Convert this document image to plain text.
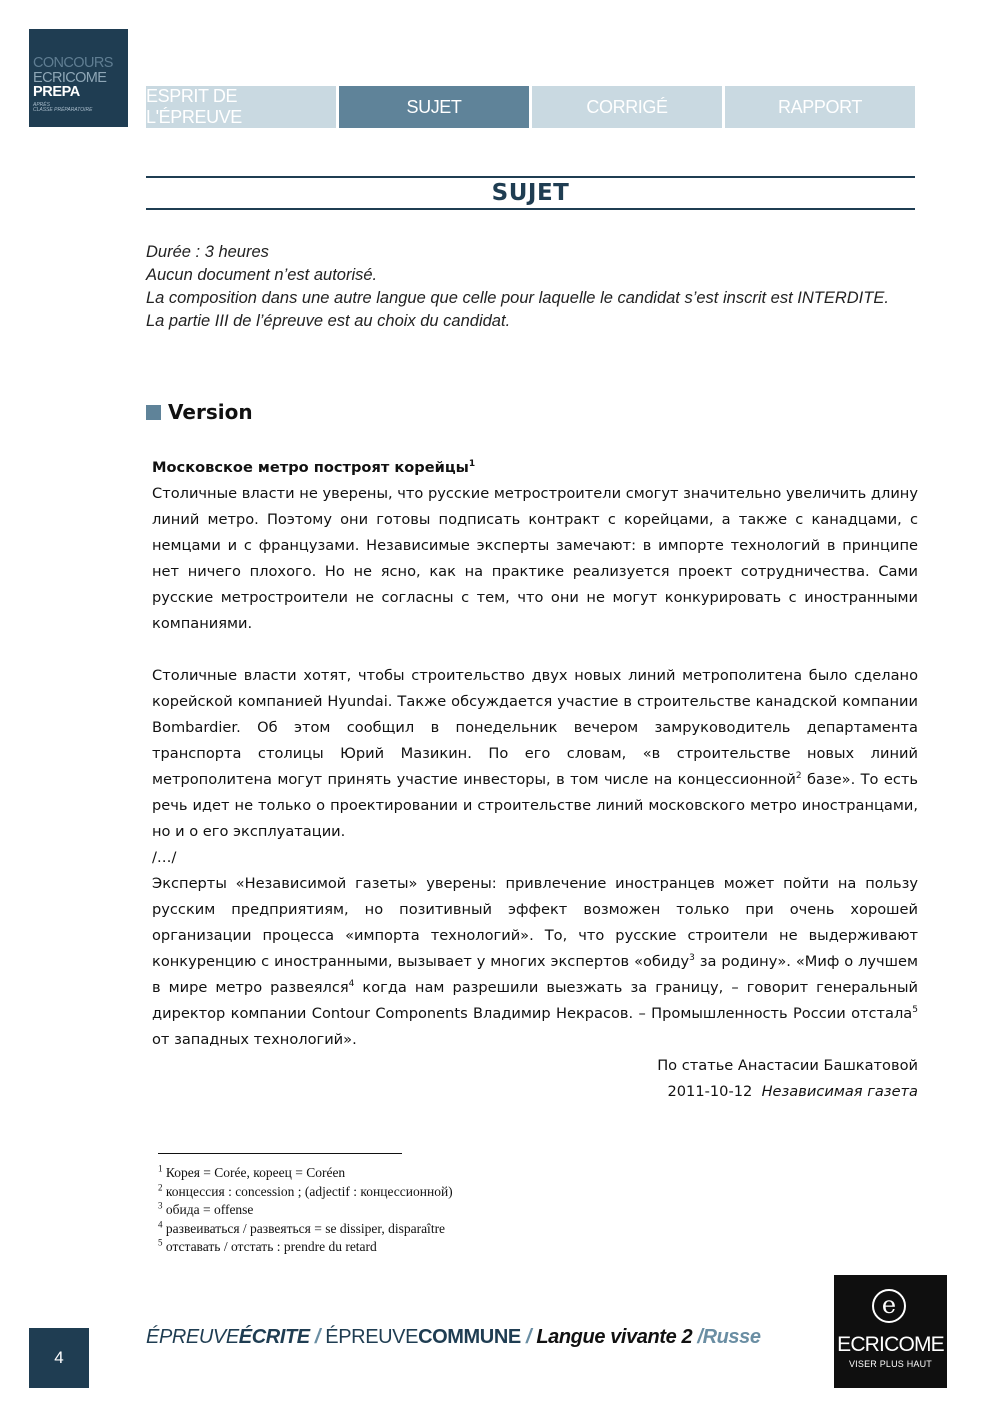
CONCOURS
ECRICOME
PREPA
APRÈS
CLASSE PRÉPARATOIRE
ESPRIT DE L'ÉPREUVE
SUJET	CORRIGÉ	RAPPORT
SUJET
Durée : 3 heures
Aucun document n’est autorisé.
La composition dans une autre langue que celle pour laquelle le candidat s’est inscrit est INTERDITE.
La partie III de l’épreuve est au choix du candidat.
Version
Московское метро построят корейцы$^1$

Столичные власти не уверены, что русские метростроители смогут значительно увеличить длину линий метро. Поэтому они готовы подписать контракт с корейцами, а также с канадцами, с немцами и с французами. Независимые эксперты замечают: в импорте технологий в принципе нет ничего плохого. Но не ясно, как на практике реализуется проект сотрудничества. Сами русские метростроители не согласны с тем, что они не могут конкурировать с иностранными компаниями.

Столичные власти хотят, чтобы строительство двух новых линий метрополитена было сделано корейской компанией Hyundai. Также обсуждается участие в строительстве канадской компании Bombardier. Об этом сообщил в понедельник вечером замруководитель департамента транспорта столицы Юрий Мазикин. По его словам, «в строительстве новых линий метрополитена могут принять участие инвесторы, в том числе на концессионной$^2$ базе». То есть речь идет не только о проектировании и строительстве линий московского метро иностранцами, но и о его эксплуатации.

/…/

Эксперты «Независимой газеты» уверены: привлечение иностранцев может пойти на пользу русским предприятиям, но позитивный эффект возможен только при очень хорошей организации процесса «импорта технологий». То, что русские строители не выдерживают конкуренцию с иностранными, вызывает у многих экспертов «обиду$^3$ за родину». «Миф о лучшем в мире метро развеялся$^4$ когда нам разрешили выезжать за границу, – говорит генеральный директор компании Contour Components Владимир Некрасов. – Промышленность России отстала$^5$ от западных технологий».

По статье Анастасии Башкатовой
2011-10-12 Независимая газета
$^1$ Корея = Corée, кореец = Coréen
$^2$ концессия : concession ; (adjectif : концессионной)
$^3$ обида = offense
$^4$ развеиваться / развеяться = se dissiper, disparaître
$^5$ отставать / отстать : prendre du retard
4
ÉPREUVEÉCRITE / ÉPREUVECOMMUNE / Langue vivante 2 /Russe
e
ECRICOME
VISER PLUS HAUT
